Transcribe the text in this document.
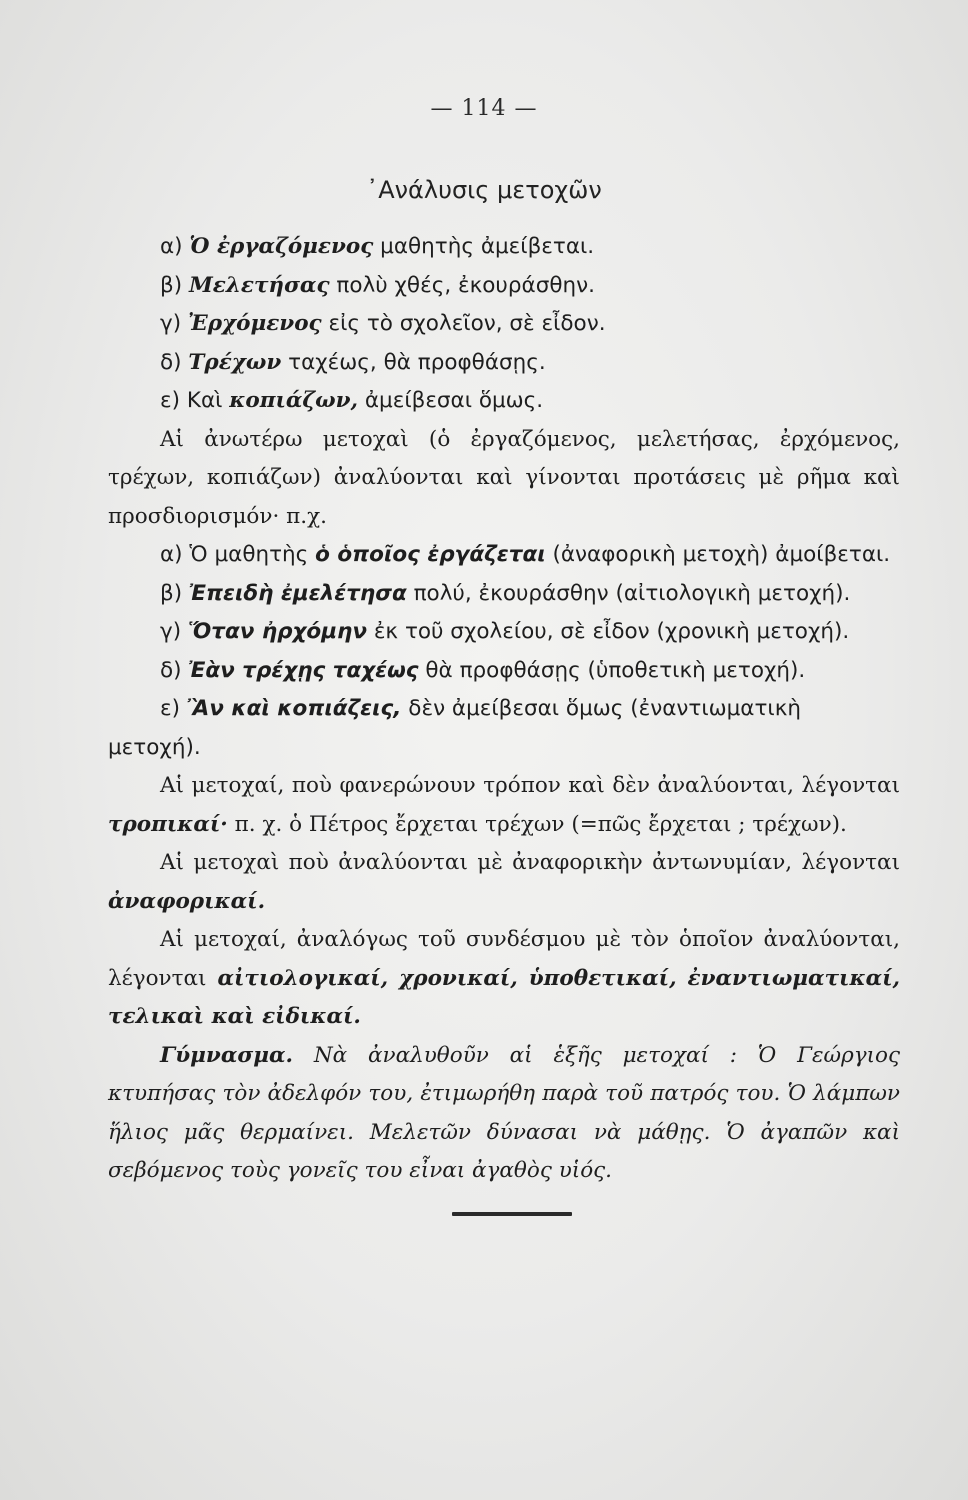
— 114 —
᾿Ανάλυσις μετοχῶν

α) Ὁ ἐργαζόμενος μαθητὴς ἀμείβεται.

β) Μελετήσας πολὺ χθές, ἐκουράσθην.

γ) Ἐρχόμενος εἰς τὸ σχολεῖον, σὲ εἶδον.

δ) Τρέχων ταχέως, θὰ προφθάσῃς.

ε) Καὶ κοπιάζων, ἀμείβεσαι ὅμως.

Αἱ ἀνωτέρω μετοχαὶ (ὁ ἐργαζόμενος, μελετήσας, ἐρχόμενος, τρέχων, κοπιάζων) ἀναλύονται καὶ γίνονται προτάσεις μὲ ρῆμα καὶ προσδιορισμόν· π.χ.

α) Ὁ μαθητὴς ὁ ὁποῖος ἐργάζεται (ἀναφορικὴ μετοχὴ) ἀμοίβεται.

β) Ἐπειδὴ ἐμελέτησα πολύ, ἐκουράσθην (αἰτιολογικὴ μετοχή).

γ) Ὅταν ἠρχόμην ἐκ τοῦ σχολείου, σὲ εἶδον (χρονικὴ μετοχή).

δ) Ἐὰν τρέχῃς ταχέως θὰ προφθάσῃς (ὑποθετικὴ μετοχή).

ε) Ἂν καὶ κοπιάζεις, δὲν ἀμείβεσαι ὅμως (ἐναντιωματικὴ μετοχή).

Αἱ μετοχαί, ποὺ φανερώνουν τρόπον καὶ δὲν ἀναλύονται, λέγονται τροπικαί· π. χ. ὁ Πέτρος ἔρχεται τρέχων (=πῶς ἔρχεται ; τρέχων).

Αἱ μετοχαὶ ποὺ ἀναλύονται μὲ ἀναφορικὴν ἀντωνυμίαν, λέγονται ἀναφορικαί.

Αἱ μετοχαί, ἀναλόγως τοῦ συνδέσμου μὲ τὸν ὁποῖον ἀναλύονται, λέγονται αἰτιολογικαί, χρονικαί, ὑποθετικαί, ἐναντιωματικαί, τελικαὶ καὶ εἰδικαί.

Γύμνασμα. Νὰ ἀναλυθοῦν αἱ ἑξῆς μετοχαί : Ὁ Γεώργιος κτυπήσας τὸν ἀδελφόν του, ἐτιμωρήθη παρὰ τοῦ πατρός του. Ὁ λάμπων ἥλιος μᾶς θερμαίνει. Μελετῶν δύνασαι νὰ μάθῃς. Ὁ ἀγαπῶν καὶ σεβόμενος τοὺς γονεῖς του εἶναι ἀγαθὸς υἱός.
